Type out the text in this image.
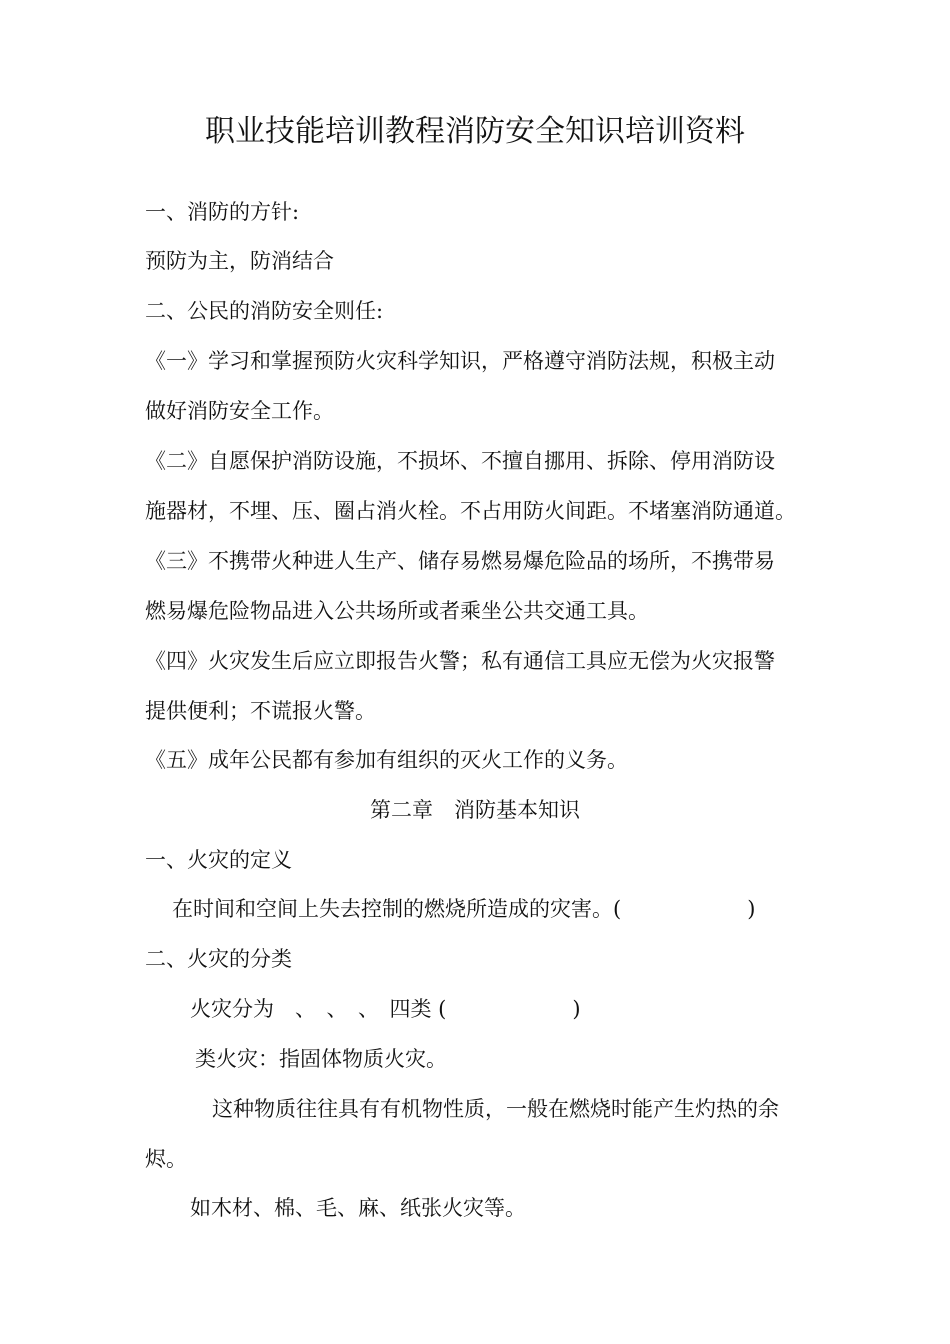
职业技能培训教程消防安全知识培训资料
一、消防的方针:
预防为主，防消结合
二、公民的消防安全则任:
《一》学习和掌握预防火灾科学知识，严格遵守消防法规，积极主动
做好消防安全工作。
《二》自愿保护消防设施，不损坏、不擅自挪用、拆除、停用消防设
施器材，不埋、压、圈占消火栓。不占用防火间距。不堵塞消防通道。
《三》不携带火种进人生产、储存易燃易爆危险品的场所，不携带易
燃易爆危险物品进入公共场所或者乘坐公共交通工具。
《四》火灾发生后应立即报告火警；私有通信工具应无偿为火灾报警
提供便利；不谎报火警。
《五》成年公民都有参加有组织的灭火工作的义务。
第二章　消防基本知识
一、火灾的定义
在时间和空间上失去控制的燃烧所造成的灾害。(　　　　　　)
二、火灾的分类
火灾分为　、　、　、　四类 (　　　　　　)
类火灾：指固体物质火灾。
这种物质往往具有有机物性质，一般在燃烧时能产生灼热的余
烬。
如木材、棉、毛、麻、纸张火灾等。
